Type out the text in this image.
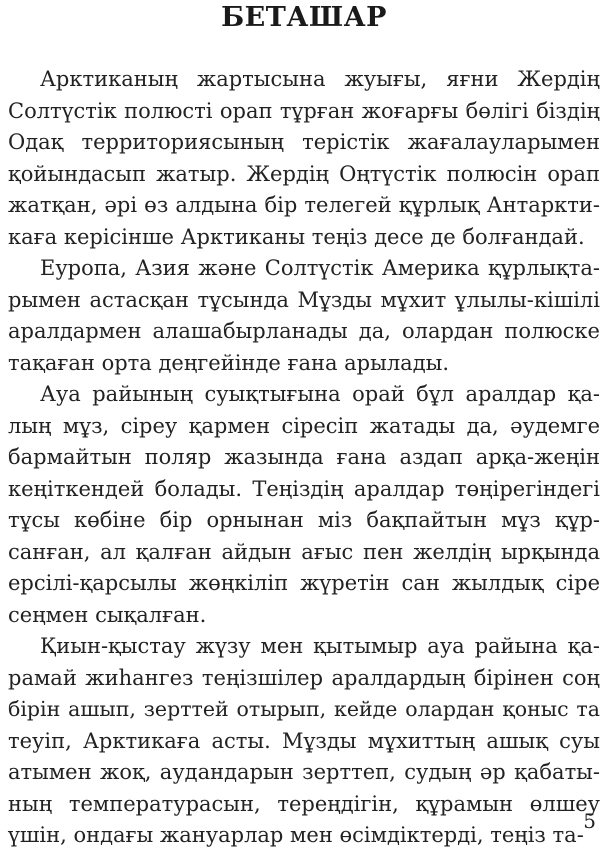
БЕТАШАР
Арктиканың жартысына жуығы, яғни Жердің
Солтүстік полюсті орап тұрған жоғарғы бөлігі біздің
Одақ территориясының терістік жағалауларымен
қойындасып жатыр. Жердің Оңтүстік полюсін орап
жатқан, әрі өз алдына бір телегей құрлық Антаркти-
каға керісінше Арктиканы теңіз десе де болғандай.
Еуропа, Азия және Солтүстік Америка құрлықта-
рымен астасқан тұсында Мұзды мұхит ұлылы-кішілі
аралдармен алашабырланады да, олардан полюске
тақаған орта деңгейінде ғана арылады.
Ауа райының суықтығына орай бұл аралдар қа-
лың мұз, сіреу қармен сіресіп жатады да, әудемге
бармайтын поляр жазында ғана аздап арқа-жеңін
кеңіткендей болады. Теңіздің аралдар төңірегіндегі
тұсы көбіне бір орнынан міз бақпайтын мұз құр-
санған, ал қалған айдын ағыс пен желдің ырқында
ерсілі-қарсылы жөңкіліп жүретін сан жылдық сіре
сеңмен сықалған.
Қиын-қыстау жүзу мен қытымыр ауа райына қа-
рамай жиһангез теңізшілер аралдардың бірінен соң
бірін ашып, зерттей отырып, кейде олардан қоныс та
теуіп, Арктикаға асты. Мұзды мұхиттың ашық суы
атымен жоқ, аудандарын зерттеп, судың әр қабаты-
ның температурасын, тереңдігін, құрамын өлшеу
үшін, ондағы жануарлар мен өсімдіктерді, теңіз та-
5
